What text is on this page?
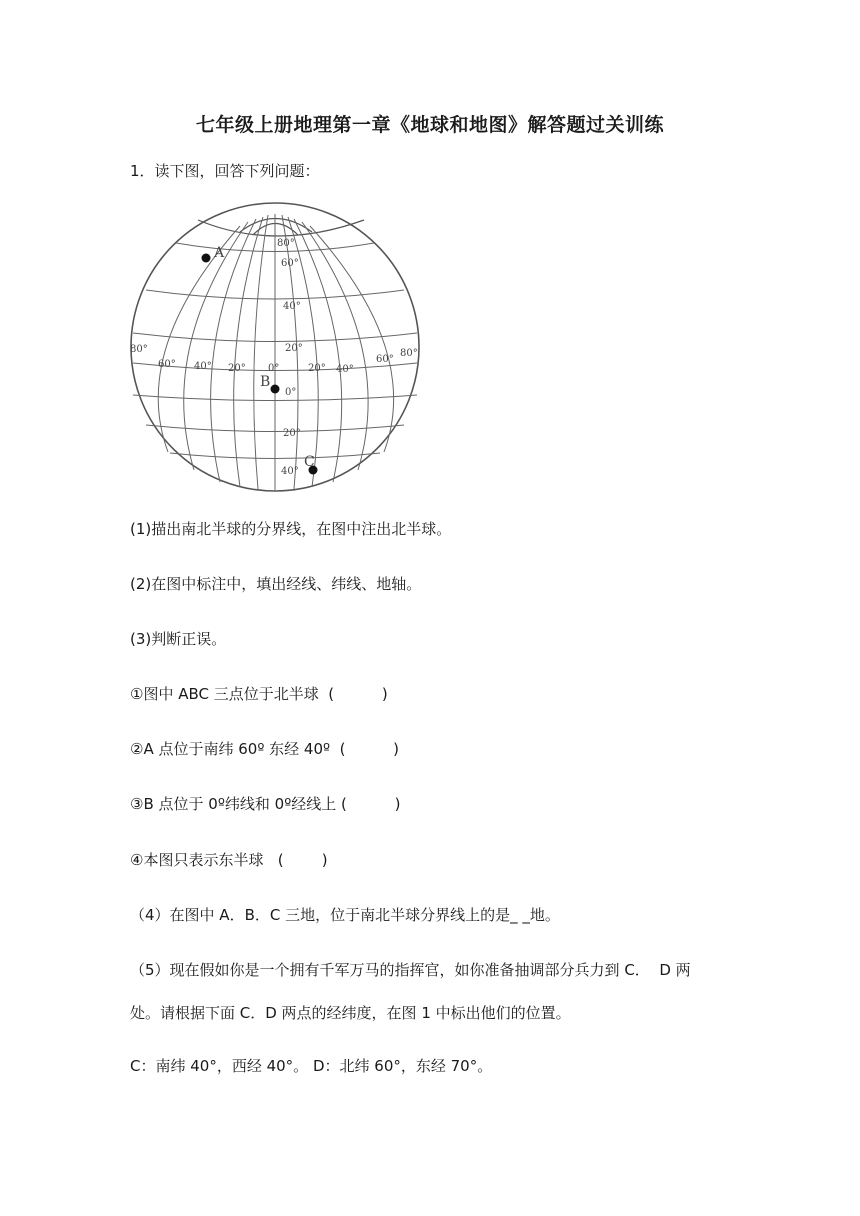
七年级上册地理第一章《地球和地图》解答题过关训练
1．读下图，回答下列问题：
80°
60°
40°
20°
0°
20°
40°
80°
60° 40° 20° 0°	20° 40°
60°
80°
A
B
C
(1)描出南北半球的分界线，在图中注出北半球。
(2)在图中标注中，填出经线、纬线、地轴。
(3)判断正误。
①图中 ABC 三点位于北半球  (          )
②A 点位于南纬 60º 东经 40º  (          )
③B 点位于 0º纬线和 0º经线上 (          )
④本图只表示东半球   (        )
（4）在图中 A．B．C 三地，位于南北半球分界线上的是_ _地。
（5）现在假如你是一个拥有千军万马的指挥官，如你准备抽调部分兵力到 C．  D 两
处。请根据下面 C．D 两点的经纬度，在图 1 中标出他们的位置。
C：南纬 40°，西经 40°。 D：北纬 60°，东经 70°。
